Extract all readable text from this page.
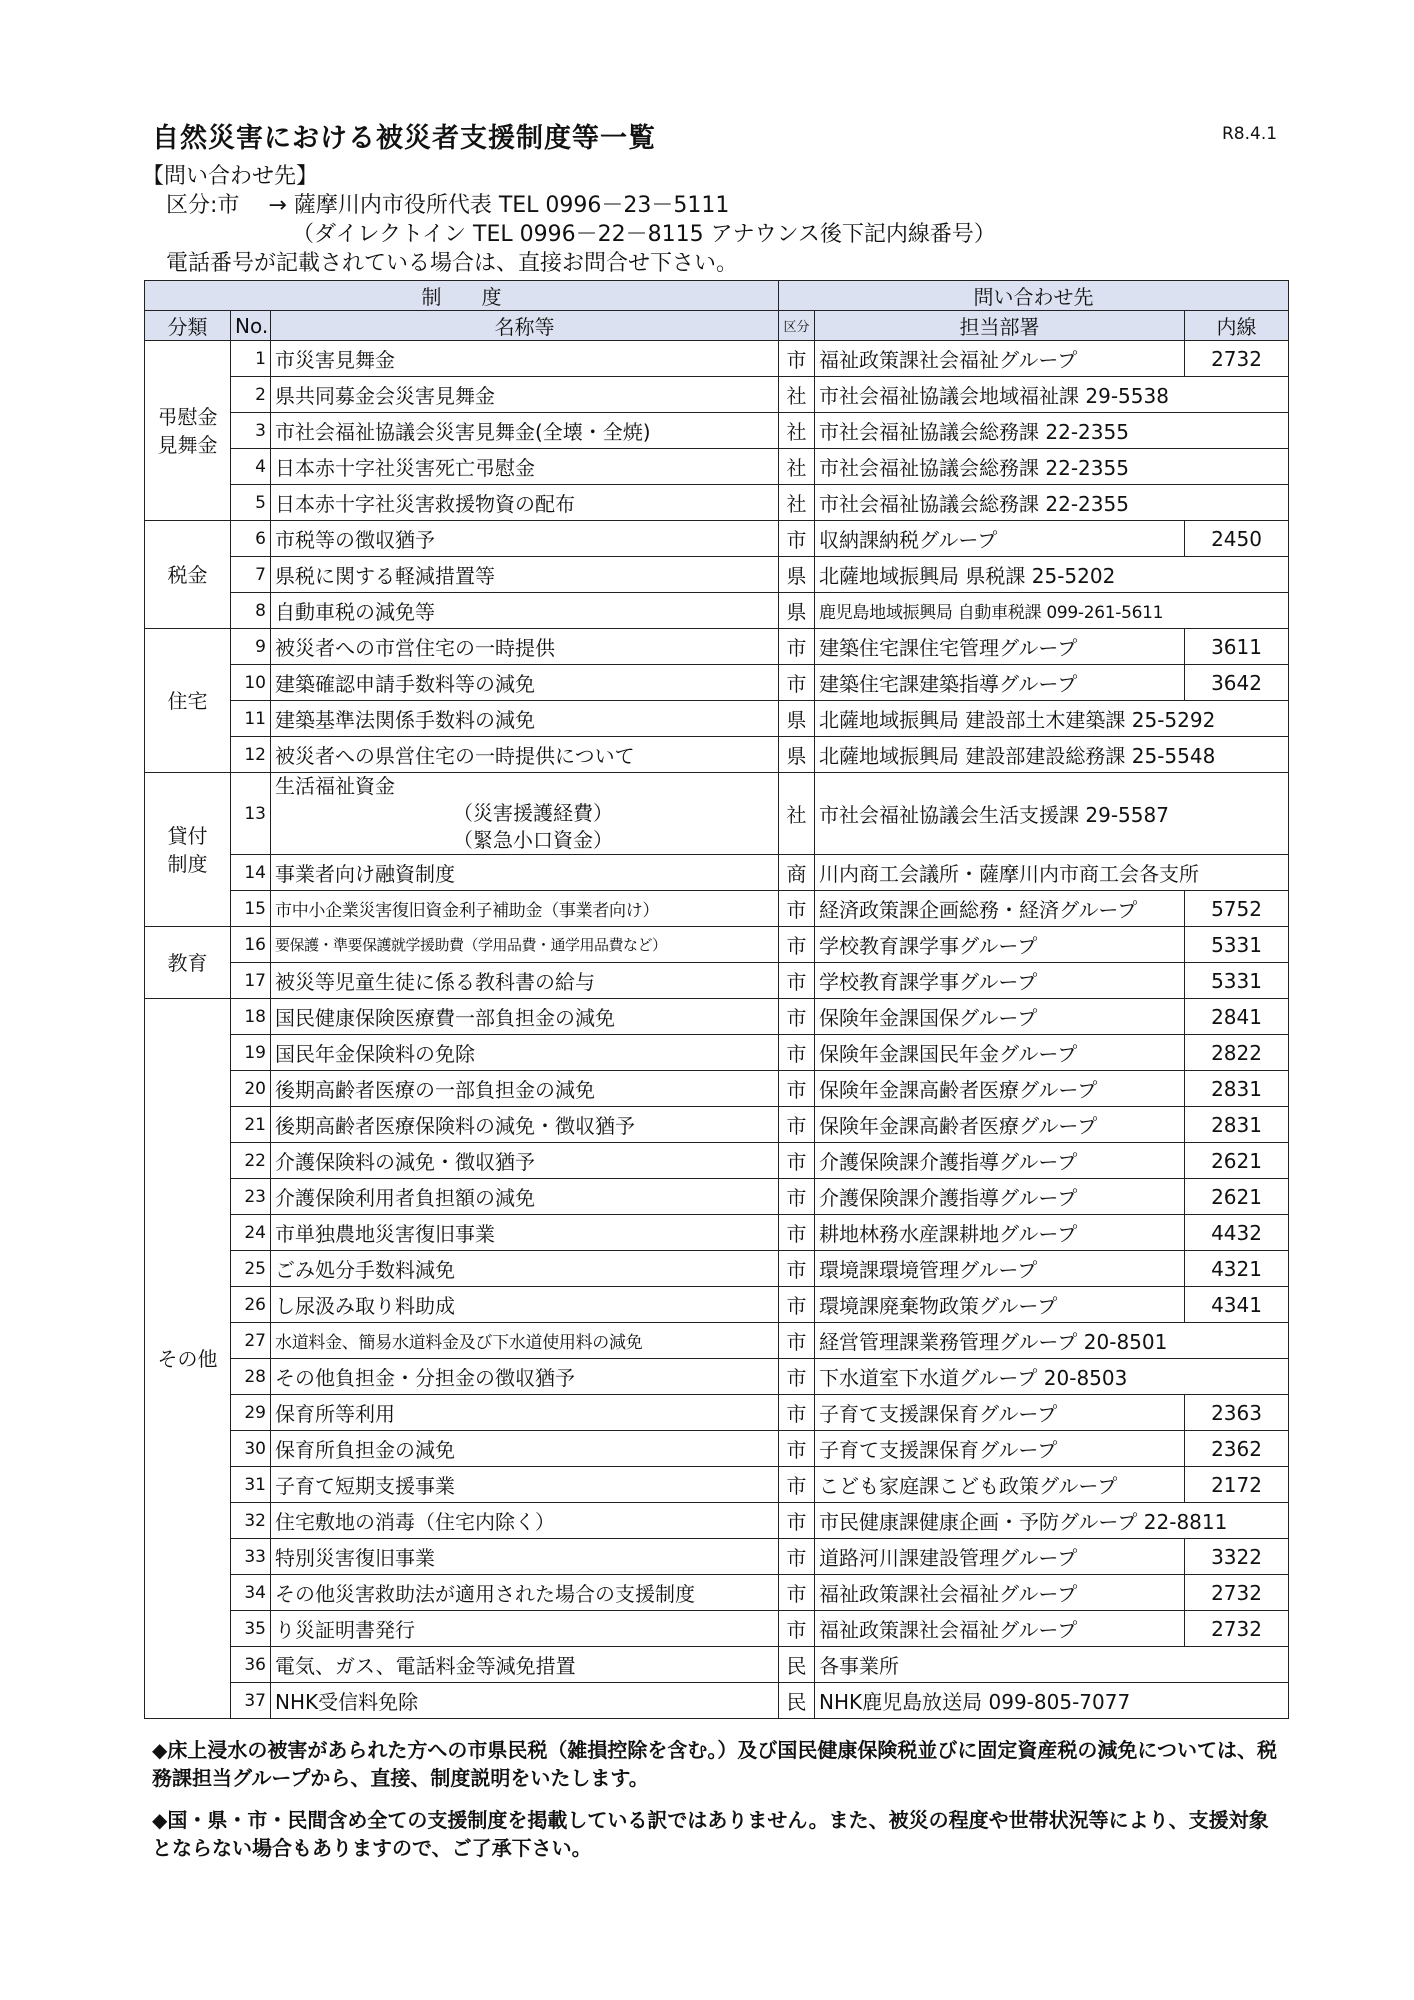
自然災害における被災者支援制度等一覧	R8.4.1
【問い合わせ先】
区分:市　 → 薩摩川内市役所代表 TEL 0996－23－5111
（ダイレクトイン TEL 0996－22－8115 アナウンス後下記内線番号）
電話番号が記載されている場合は、直接お問合せ下さい。
制　　度			問い合わせ先		
分類	No.	名称等	区分	担当部署	内線
弔慰金
見舞金	1	市災害見舞金	市	福祉政策課社会福祉グループ	2732
	2	県共同募金会災害見舞金	社	市社会福祉協議会地域福祉課 29-5538	
	3	市社会福祉協議会災害見舞金(全壊・全焼)	社	市社会福祉協議会総務課 22-2355	
	4	日本赤十字社災害死亡弔慰金	社	市社会福祉協議会総務課 22-2355	
	5	日本赤十字社災害救援物資の配布	社	市社会福祉協議会総務課 22-2355	
税金	6	市税等の徴収猶予	市	収納課納税グループ	2450
	7	県税に関する軽減措置等	県	北薩地域振興局 県税課 25-5202	
	8	自動車税の減免等	県	鹿児島地域振興局 自動車税課 099-261-5611	
住宅	9	被災者への市営住宅の一時提供	市	建築住宅課住宅管理グループ	3611
	10	建築確認申請手数料等の減免	市	建築住宅課建築指導グループ	3642
	11	建築基準法関係手数料の減免	県	北薩地域振興局 建設部土木建築課 25-5292	
	12	被災者への県営住宅の一時提供について	県	北薩地域振興局 建設部建設総務課 25-5548	
貸付
制度	13	生活福祉資金
（災害援護経費）
（緊急小口資金）	社	市社会福祉協議会生活支援課 29-5587	
	14	事業者向け融資制度	商	川内商工会議所・薩摩川内市商工会各支所	
	15	市中小企業災害復旧資金利子補助金（事業者向け）	市	経済政策課企画総務・経済グループ	5752
教育	16	要保護・準要保護就学援助費（学用品費・通学用品費など）	市	学校教育課学事グループ	5331
	17	被災等児童生徒に係る教科書の給与	市	学校教育課学事グループ	5331
その他	18	国民健康保険医療費一部負担金の減免	市	保険年金課国保グループ	2841
	19	国民年金保険料の免除	市	保険年金課国民年金グループ	2822
	20	後期高齢者医療の一部負担金の減免	市	保険年金課高齢者医療グループ	2831
	21	後期高齢者医療保険料の減免・徴収猶予	市	保険年金課高齢者医療グループ	2831
	22	介護保険料の減免・徴収猶予	市	介護保険課介護指導グループ	2621
	23	介護保険利用者負担額の減免	市	介護保険課介護指導グループ	2621
	24	市単独農地災害復旧事業	市	耕地林務水産課耕地グループ	4432
	25	ごみ処分手数料減免	市	環境課環境管理グループ	4321
	26	し尿汲み取り料助成	市	環境課廃棄物政策グループ	4341
	27	水道料金、簡易水道料金及び下水道使用料の減免	市	経営管理課業務管理グループ 20-8501	
	28	その他負担金・分担金の徴収猶予	市	下水道室下水道グループ 20-8503	
	29	保育所等利用	市	子育て支援課保育グループ	2363
	30	保育所負担金の減免	市	子育て支援課保育グループ	2362
	31	子育て短期支援事業	市	こども家庭課こども政策グループ	2172
	32	住宅敷地の消毒（住宅内除く）	市	市民健康課健康企画・予防グループ 22-8811	
	33	特別災害復旧事業	市	道路河川課建設管理グループ	3322
	34	その他災害救助法が適用された場合の支援制度	市	福祉政策課社会福祉グループ	2732
	35	り災証明書発行	市	福祉政策課社会福祉グループ	2732
	36	電気、ガス、電話料金等減免措置	民	各事業所	
	37	NHK受信料免除	民	NHK鹿児島放送局 099-805-7077	

◆床上浸水の被害があられた方への市県民税（雑損控除を含む。）及び国民健康保険税並びに固定資産税の減免については、税務課担当グループから、直接、制度説明をいたします。

◆国・県・市・民間含め全ての支援制度を掲載している訳ではありません。また、被災の程度や世帯状況等により、支援対象とならない場合もありますので、ご了承下さい。
